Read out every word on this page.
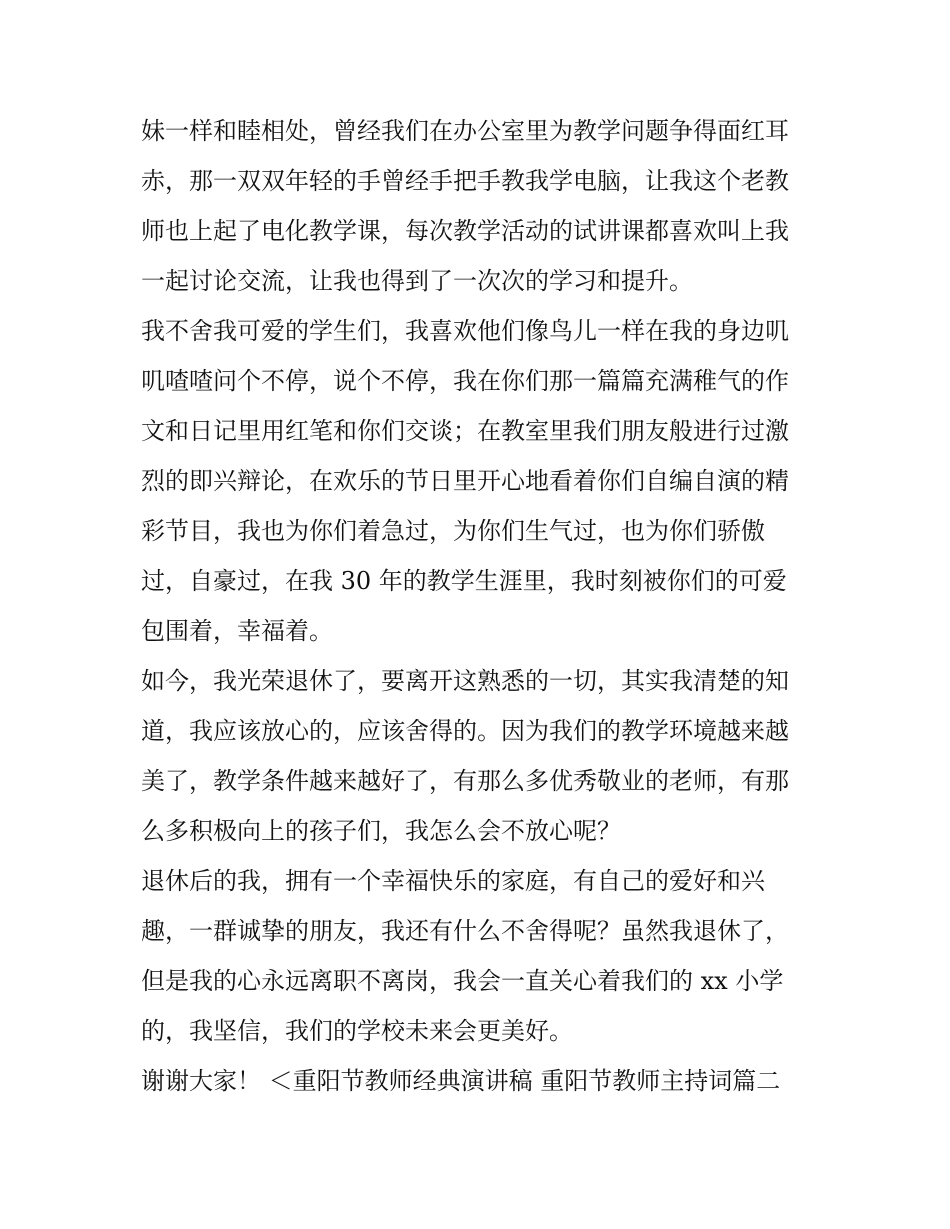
妹一样和睦相处，曾经我们在办公室里为教学问题争得面红耳
赤，那一双双年轻的手曾经手把手教我学电脑，让我这个老教
师也上起了电化教学课，每次教学活动的试讲课都喜欢叫上我
一起讨论交流，让我也得到了一次次的学习和提升。
我不舍我可爱的学生们，我喜欢他们像鸟儿一样在我的身边叽
叽喳喳问个不停，说个不停，我在你们那一篇篇充满稚气的作
文和日记里用红笔和你们交谈；在教室里我们朋友般进行过激
烈的即兴辩论，在欢乐的节日里开心地看着你们自编自演的精
彩节目，我也为你们着急过，为你们生气过，也为你们骄傲
过，自豪过，在我 30 年的教学生涯里，我时刻被你们的可爱
包围着，幸福着。
如今，我光荣退休了，要离开这熟悉的一切，其实我清楚的知
道，我应该放心的，应该舍得的。因为我们的教学环境越来越
美了，教学条件越来越好了，有那么多优秀敬业的老师，有那
么多积极向上的孩子们，我怎么会不放心呢？
退休后的我，拥有一个幸福快乐的家庭，有自己的爱好和兴
趣，一群诚挚的朋友，我还有什么不舍得呢？虽然我退休了，
但是我的心永远离职不离岗，我会一直关心着我们的 xx 小学
的，我坚信，我们的学校未来会更美好。
谢谢大家！ ＜重阳节教师经典演讲稿 重阳节教师主持词篇二
